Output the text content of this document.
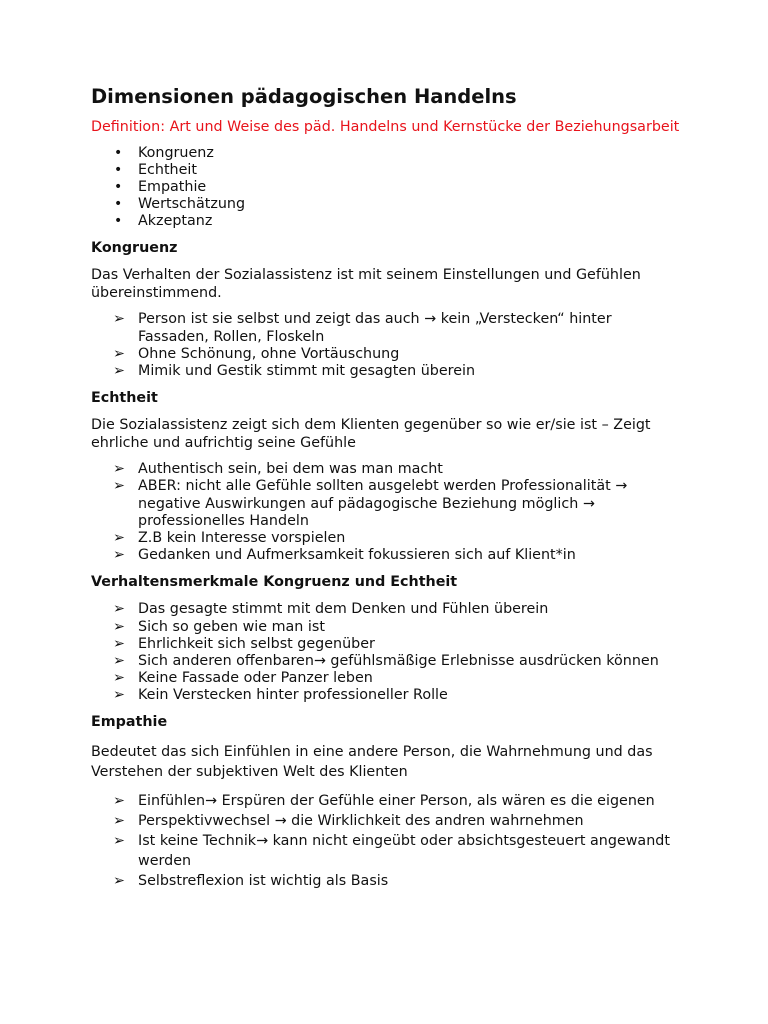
Dimensionen pädagogischen Handelns
Definition: Art und Weise des päd. Handelns und Kernstücke der Beziehungsarbeit
• Kongruenz
• Echtheit
• Empathie
• Wertschätzung
• Akzeptanz
Kongruenz

Das Verhalten der Sozialassistenz ist mit seinem Einstellungen und Gefühlen übereinstimmend.

➢ Person ist sie selbst und zeigt das auch → kein „Verstecken“ hinter Fassaden, Rollen, Floskeln
➢ Ohne Schönung, ohne Vortäuschung
➢ Mimik und Gestik stimmt mit gesagten überein
Echtheit

Die Sozialassistenz zeigt sich dem Klienten gegenüber so wie er/sie ist – Zeigt ehrliche und aufrichtig seine Gefühle

➢ Authentisch sein, bei dem was man macht
➢ ABER: nicht alle Gefühle sollten ausgelebt werden Professionalität → negative Auswirkungen auf pädagogische Beziehung möglich → professionelles Handeln
➢ Z.B kein Interesse vorspielen
➢ Gedanken und Aufmerksamkeit fokussieren sich auf Klient*in
Verhaltensmerkmale Kongruenz und Echtheit
➢ Das gesagte stimmt mit dem Denken und Fühlen überein
➢ Sich so geben wie man ist
➢ Ehrlichkeit sich selbst gegenüber
➢ Sich anderen offenbaren→ gefühlsmäßige Erlebnisse ausdrücken können
➢ Keine Fassade oder Panzer leben
➢ Kein Verstecken hinter professioneller Rolle
Empathie

Bedeutet das sich Einfühlen in eine andere Person, die Wahrnehmung und das Verstehen der subjektiven Welt des Klienten

➢ Einfühlen→ Erspüren der Gefühle einer Person, als wären es die eigenen
➢ Perspektivwechsel → die Wirklichkeit des andren wahrnehmen
➢ Ist keine Technik→ kann nicht eingeübt oder absichtsgesteuert angewandt werden
➢ Selbstreflexion ist wichtig als Basis
